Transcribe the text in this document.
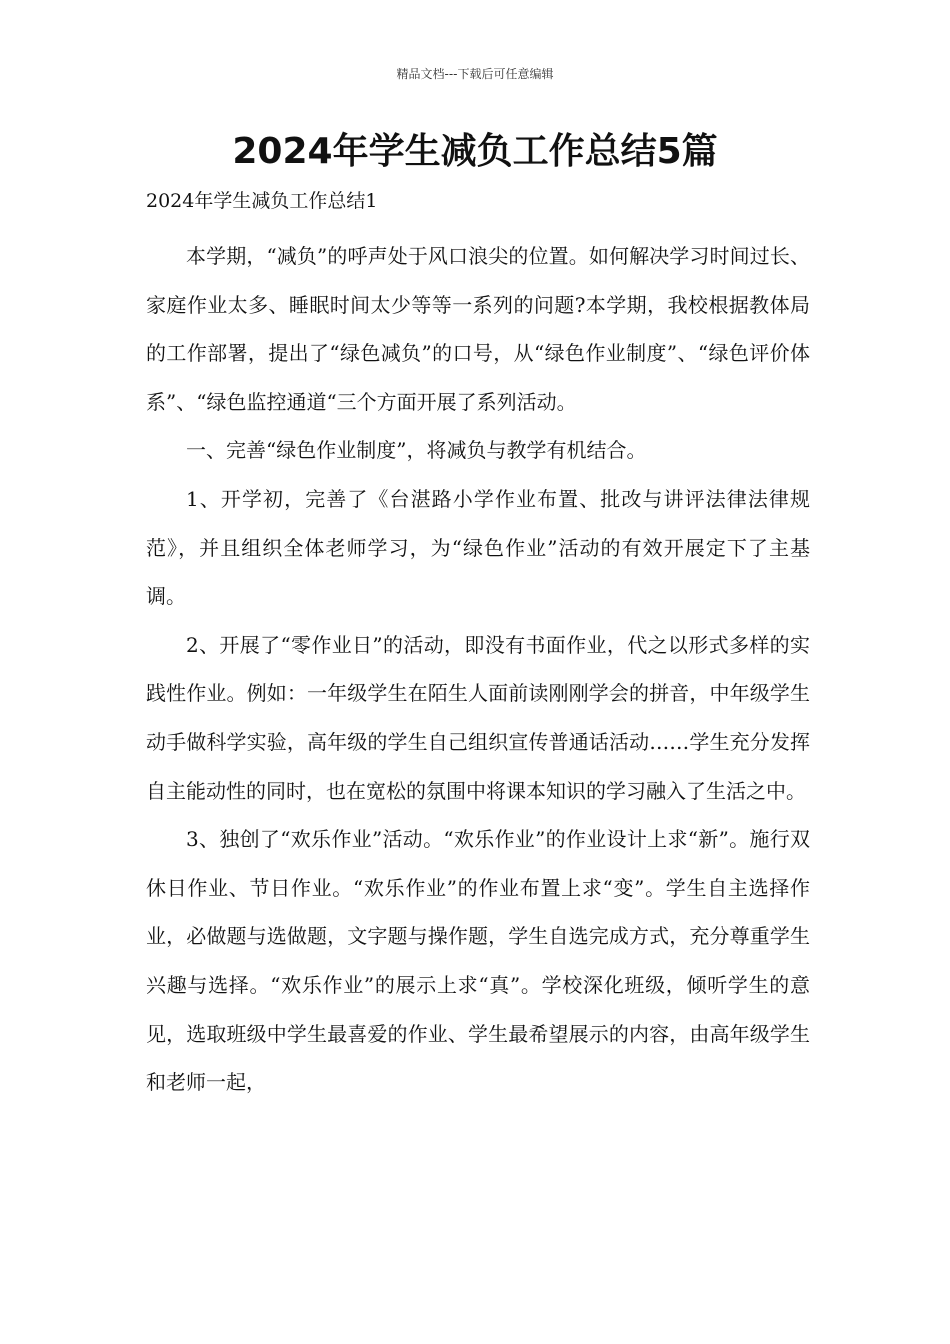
精品文档---下载后可任意编辑
2024年学生减负工作总结5篇

2024年学生减负工作总结1

本学期，“减负”的呼声处于风口浪尖的位置。如何解决学习时间过长、家庭作业太多、睡眠时间太少等等一系列的问题?本学期，我校根据教体局的工作部署，提出了“绿色减负”的口号，从“绿色作业制度”、“绿色评价体系”、“绿色监控通道“三个方面开展了系列活动。

一、完善“绿色作业制度”，将减负与教学有机结合。

1、开学初，完善了《台湛路小学作业布置、批改与讲评法律法律规范》，并且组织全体老师学习，为“绿色作业”活动的有效开展定下了主基调。

2、开展了“零作业日”的活动，即没有书面作业，代之以形式多样的实践性作业。例如：一年级学生在陌生人面前读刚刚学会的拼音，中年级学生动手做科学实验，高年级的学生自己组织宣传普通话活动……学生充分发挥自主能动性的同时，也在宽松的氛围中将课本知识的学习融入了生活之中。

3、独创了“欢乐作业”活动。“欢乐作业”的作业设计上求“新”。施行双休日作业、节日作业。“欢乐作业”的作业布置上求“变”。学生自主选择作业，必做题与选做题，文字题与操作题，学生自选完成方式，充分尊重学生兴趣与选择。“欢乐作业”的展示上求“真”。学校深化班级，倾听学生的意见，选取班级中学生最喜爱的作业、学生最希望展示的内容，由高年级学生和老师一起，
